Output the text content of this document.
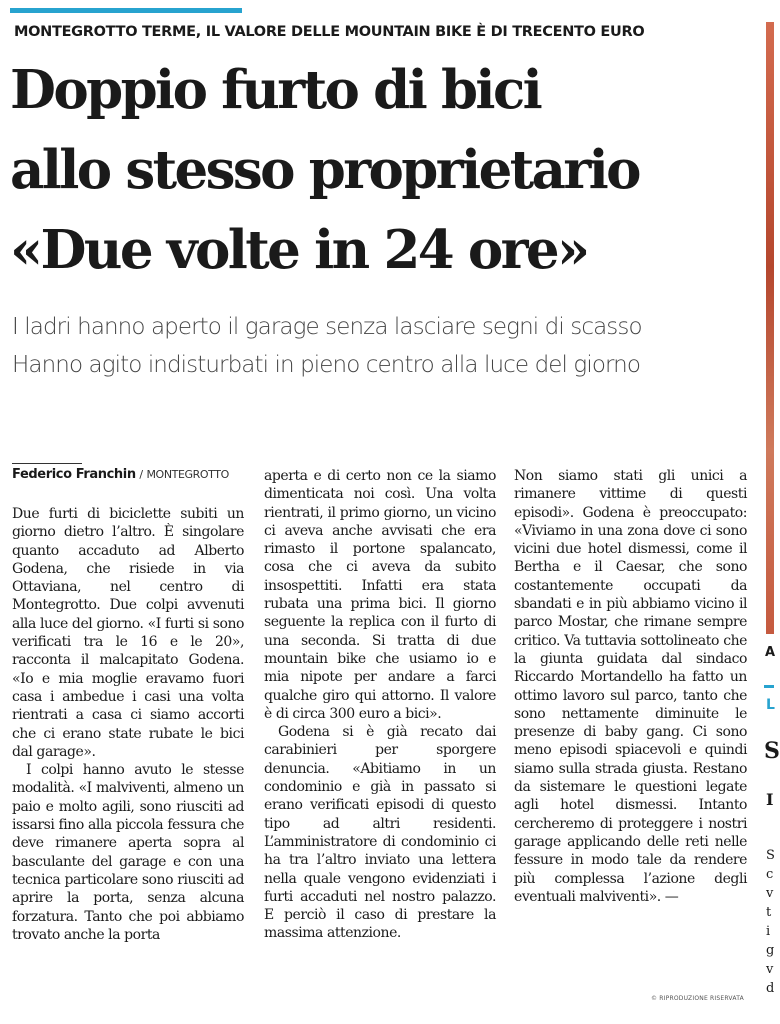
MONTEGROTTO TERME, IL VALORE DELLE MOUNTAIN BIKE È DI TRECENTO EURO
Doppio furto di bici
allo stesso proprietario
«Due volte in 24 ore»
I ladri hanno aperto il garage senza lasciare segni di scasso
Hanno agito indisturbati in pieno centro alla luce del giorno
Federico Franchin / MONTEGROTTO

Due furti di biciclette subiti un giorno dietro l’altro. È singolare quanto accaduto ad Alberto Godena, che risiede in via Ottaviana, nel centro di Montegrotto. Due colpi avvenuti alla luce del giorno. «I furti si sono verificati tra le 16 e le 20», racconta il malcapitato Godena. «Io e mia moglie eravamo fuori casa i ambedue i casi una volta rientrati a casa ci siamo accorti che ci erano state rubate le bici dal garage».

I colpi hanno avuto le stesse modalità. «I malviventi, almeno un paio e molto agili, sono riusciti ad issarsi fino alla piccola fessura che deve rimanere aperta sopra al basculante del garage e con una tecnica particolare sono riusciti ad aprire la porta, senza alcuna forzatura. Tanto che poi abbiamo trovato anche la porta

aperta e di certo non ce la siamo dimenticata noi così. Una volta rientrati, il primo giorno, un vicino ci aveva anche avvisati che era rimasto il portone spalancato, cosa che ci aveva da subito insospettiti. Infatti era stata rubata una prima bici. Il giorno seguente la replica con il furto di una seconda. Si tratta di due mountain bike che usiamo io e mia nipote per andare a farci qualche giro qui attorno. Il valore è di circa 300 euro a bici».

Godena si è già recato dai carabinieri per sporgere denuncia. «Abitiamo in un condominio e già in passato si erano verificati episodi di questo tipo ad altri residenti. L’amministratore di condominio ci ha tra l’altro inviato una lettera nella quale vengono evidenziati i furti accaduti nel nostro palazzo. E perciò il caso di prestare la massima attenzione.

Non siamo stati gli unici a rimanere vittime di questi episodi». Godena è preoccupato: «Viviamo in una zona dove ci sono vicini due hotel dismessi, come il Bertha e il Caesar, che sono costantemente occupati da sbandati e in più abbiamo vicino il parco Mostar, che rimane sempre critico. Va tuttavia sottolineato che la giunta guidata dal sindaco Riccardo Mortandello ha fatto un ottimo lavoro sul parco, tanto che sono nettamente diminuite le presenze di baby gang. Ci sono meno episodi spiacevoli e quindi siamo sulla strada giusta. Restano da sistemare le questioni legate agli hotel dismessi. Intanto cercheremo di proteggere i nostri garage applicando delle reti nelle fessure in modo tale da rendere più complessa l’azione degli eventuali malviventi». —

© RIPRODUZIONE RISERVATA
A
L
S
I
S
c
v
t
i
g
v
d
